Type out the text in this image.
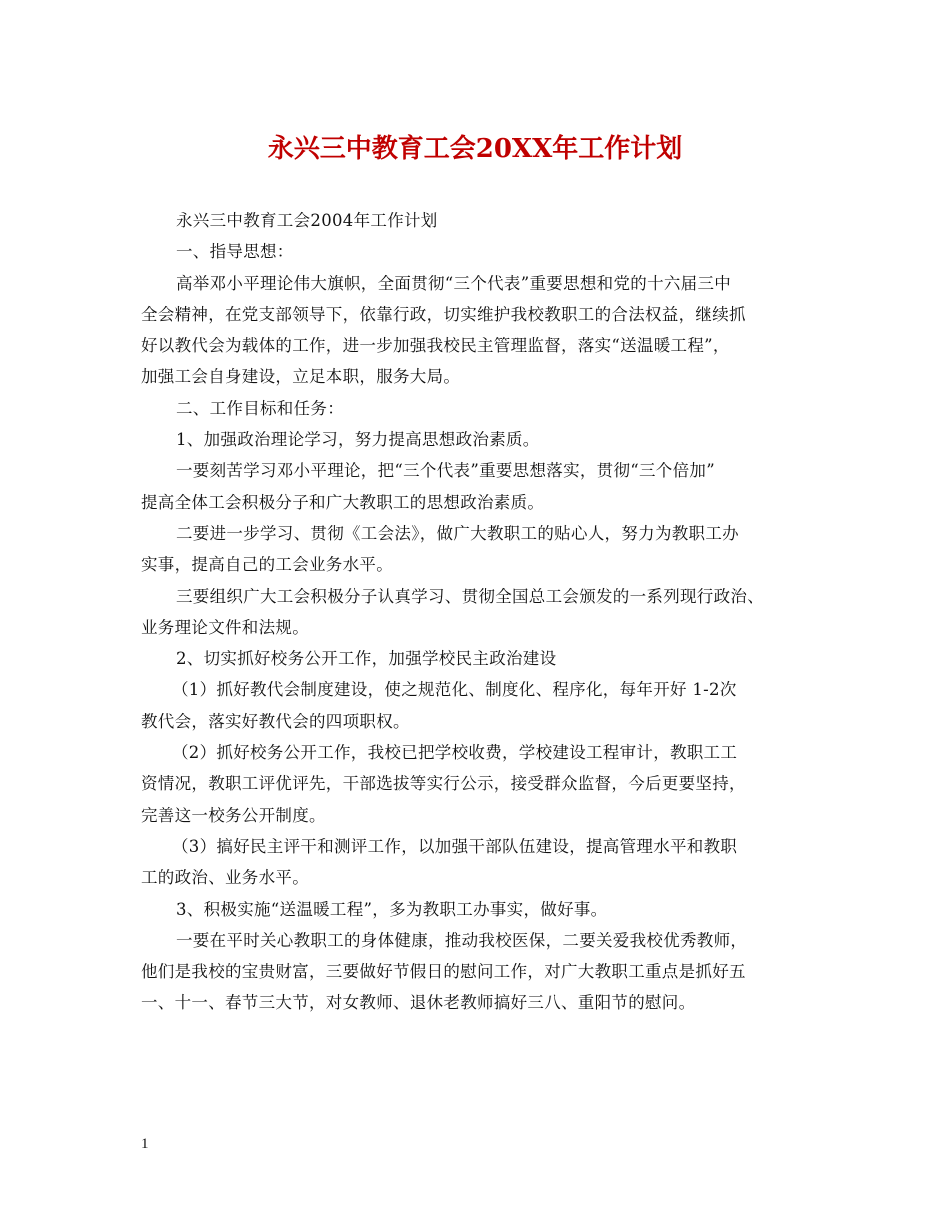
永兴三中教育工会20XX年工作计划
永兴三中教育工会2004年工作计划
一、指导思想：
高举邓小平理论伟大旗帜，全面贯彻“三个代表”重要思想和党的十六届三中
全会精神，在党支部领导下，依靠行政，切实维护我校教职工的合法权益，继续抓
好以教代会为载体的工作，进一步加强我校民主管理监督，落实“送温暖工程”，
加强工会自身建设，立足本职，服务大局。
二、工作目标和任务：
1、加强政治理论学习，努力提高思想政治素质。
一要刻苦学习邓小平理论，把“三个代表”重要思想落实，贯彻“三个倍加”
提高全体工会积极分子和广大教职工的思想政治素质。
二要进一步学习、贯彻《工会法》，做广大教职工的贴心人，努力为教职工办
实事，提高自己的工会业务水平。
三要组织广大工会积极分子认真学习、贯彻全国总工会颁发的一系列现行政治、
业务理论文件和法规。
2、切实抓好校务公开工作，加强学校民主政治建设
（1）抓好教代会制度建设，使之规范化、制度化、程序化，每年开好 1-2次
教代会，落实好教代会的四项职权。
（2）抓好校务公开工作，我校已把学校收费，学校建设工程审计，教职工工
资情况，教职工评优评先，干部选拔等实行公示，接受群众监督，今后更要坚持，
完善这一校务公开制度。
（3）搞好民主评干和测评工作，以加强干部队伍建设，提高管理水平和教职
工的政治、业务水平。
3、积极实施“送温暖工程”，多为教职工办事实，做好事。
一要在平时关心教职工的身体健康，推动我校医保，二要关爱我校优秀教师，
他们是我校的宝贵财富，三要做好节假日的慰问工作，对广大教职工重点是抓好五
一、十一、春节三大节，对女教师、退休老教师搞好三八、重阳节的慰问。
1
